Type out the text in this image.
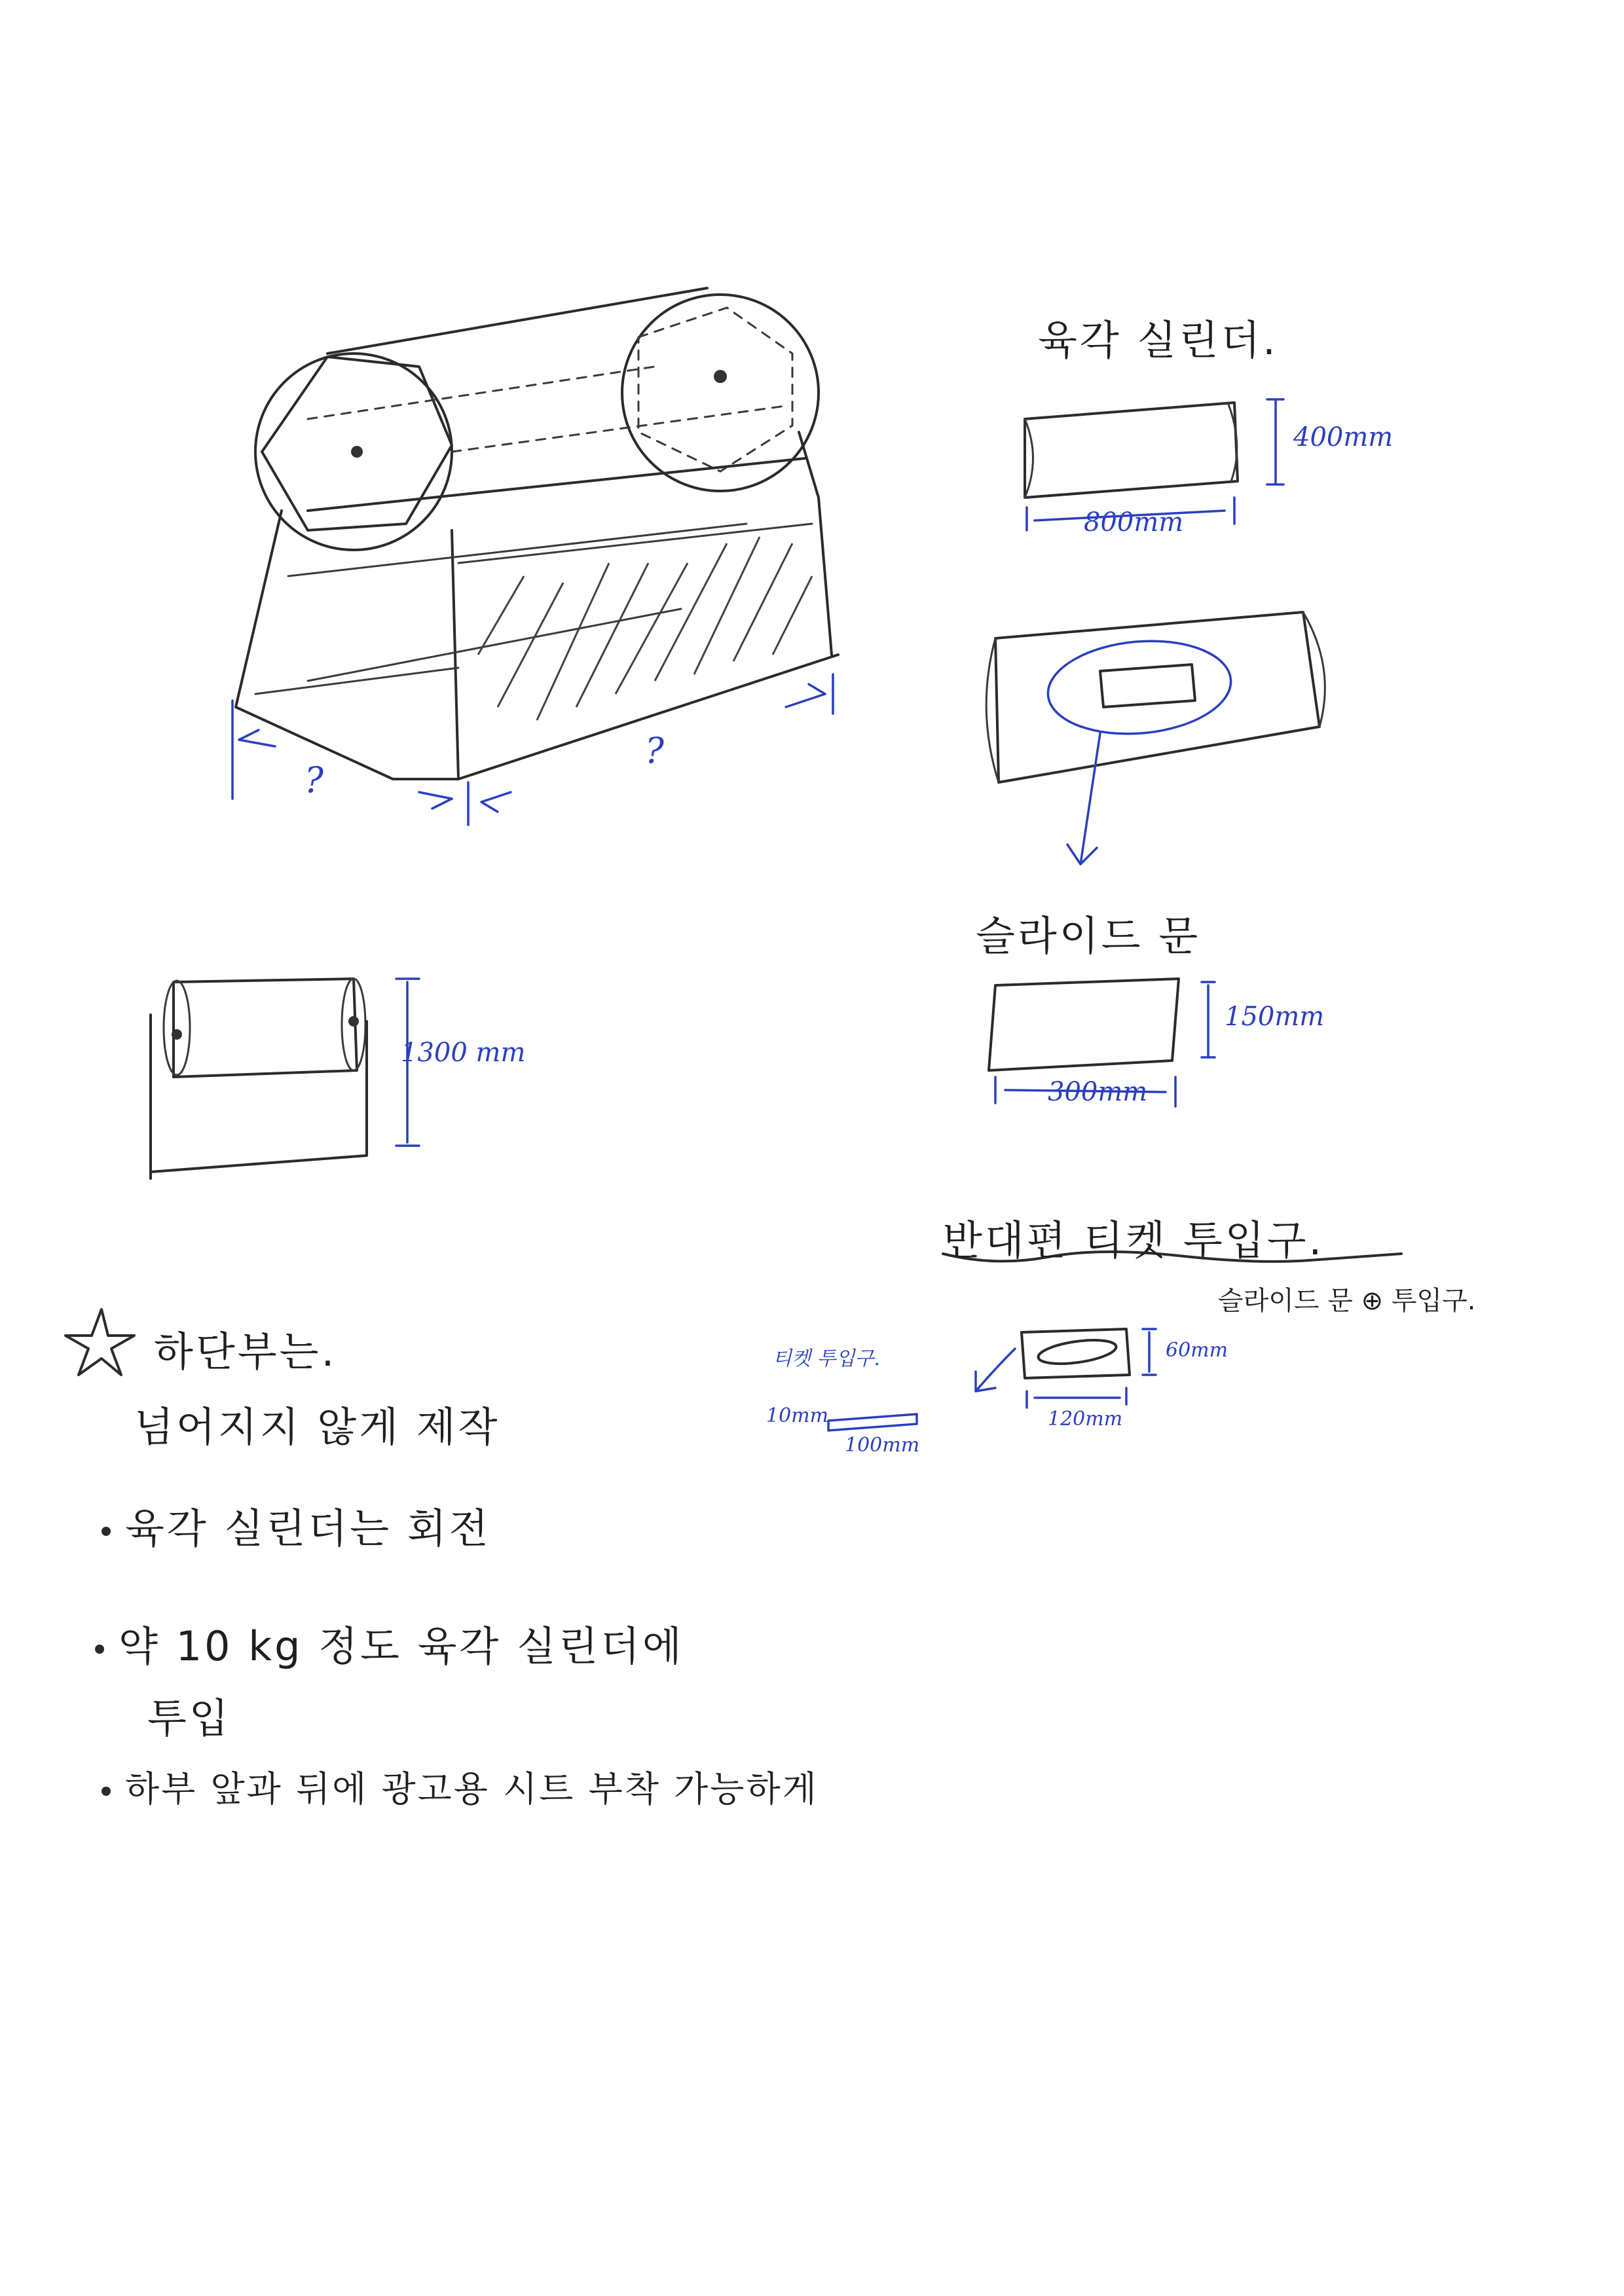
육각 실린더.
400mm
800mm
슬라이드 문
150mm
300mm
?
?
1300 mm
반대편 티켓 투입구.
슬라이드 문 ⊕ 투입구.
티켓 투입구.
10mm
100mm
60mm
120mm
하단부는.
넘어지지 않게 제작
육각 실린더는 회전
약 10 kg 정도 육각 실린더에
투입
하부 앞과 뒤에 광고용 시트 부착 가능하게
